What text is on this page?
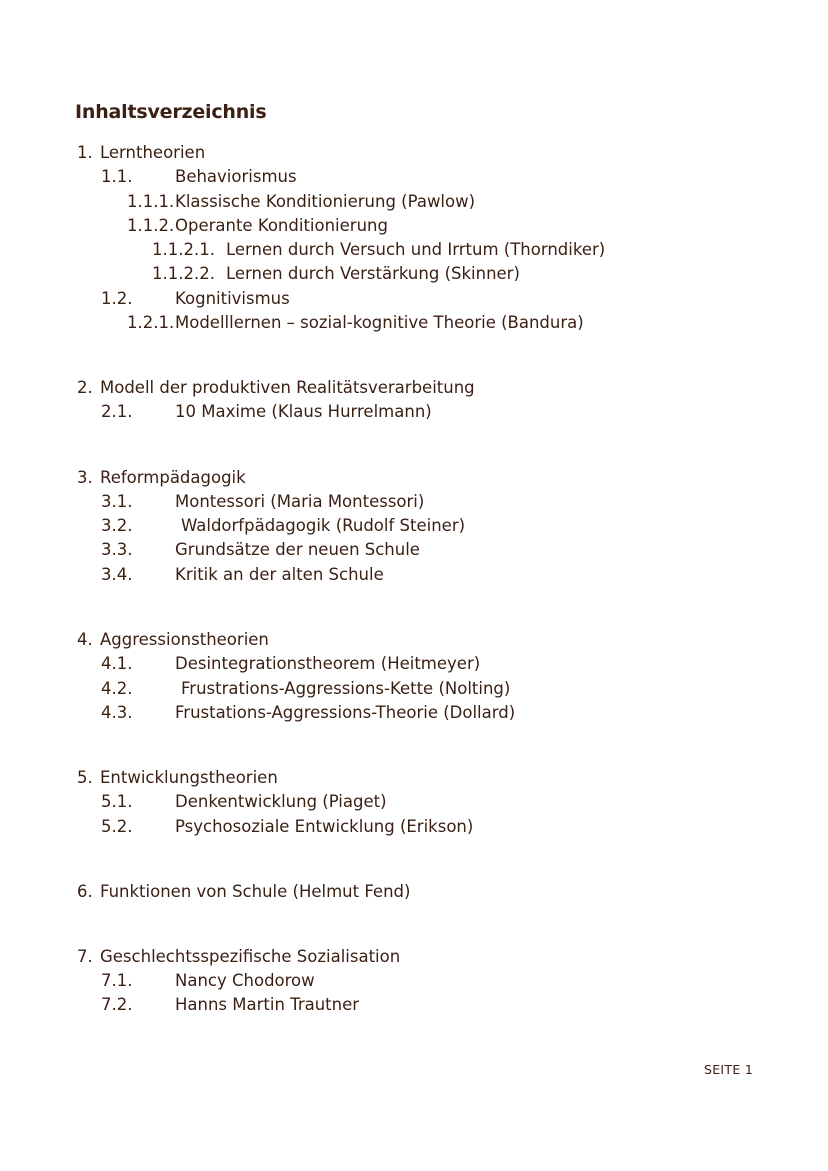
Inhaltsverzeichnis
1. Lerntheorien
1.1.	Behaviorismus
1.1.1. Klassische Konditionierung (Pawlow)
1.1.2. Operante Konditionierung
1.1.2.1. Lernen durch Versuch und Irrtum (Thorndiker)
1.1.2.2. Lernen durch Verstärkung (Skinner)
1.2.	Kognitivismus
1.2.1. Modelllernen – sozial-kognitive Theorie (Bandura)
2. Modell der produktiven Realitätsverarbeitung
2.1.	10 Maxime (Klaus Hurrelmann)
3. Reformpädagogik
3.1.	Montessori (Maria Montessori)
3.2.	Waldorfpädagogik (Rudolf Steiner)
3.3.	Grundsätze der neuen Schule
3.4.	Kritik an der alten Schule
4. Aggressionstheorien
4.1.	Desintegrationstheorem (Heitmeyer)
4.2.	Frustrations-Aggressions-Kette (Nolting)
4.3.	Frustations-Aggressions-Theorie (Dollard)
5. Entwicklungstheorien
5.1.	Denkentwicklung (Piaget)
5.2.	Psychosoziale Entwicklung (Erikson)
6. Funktionen von Schule (Helmut Fend)
7. Geschlechtsspezifische Sozialisation
7.1.	Nancy Chodorow
7.2.	Hanns Martin Trautner
SEITE 1
